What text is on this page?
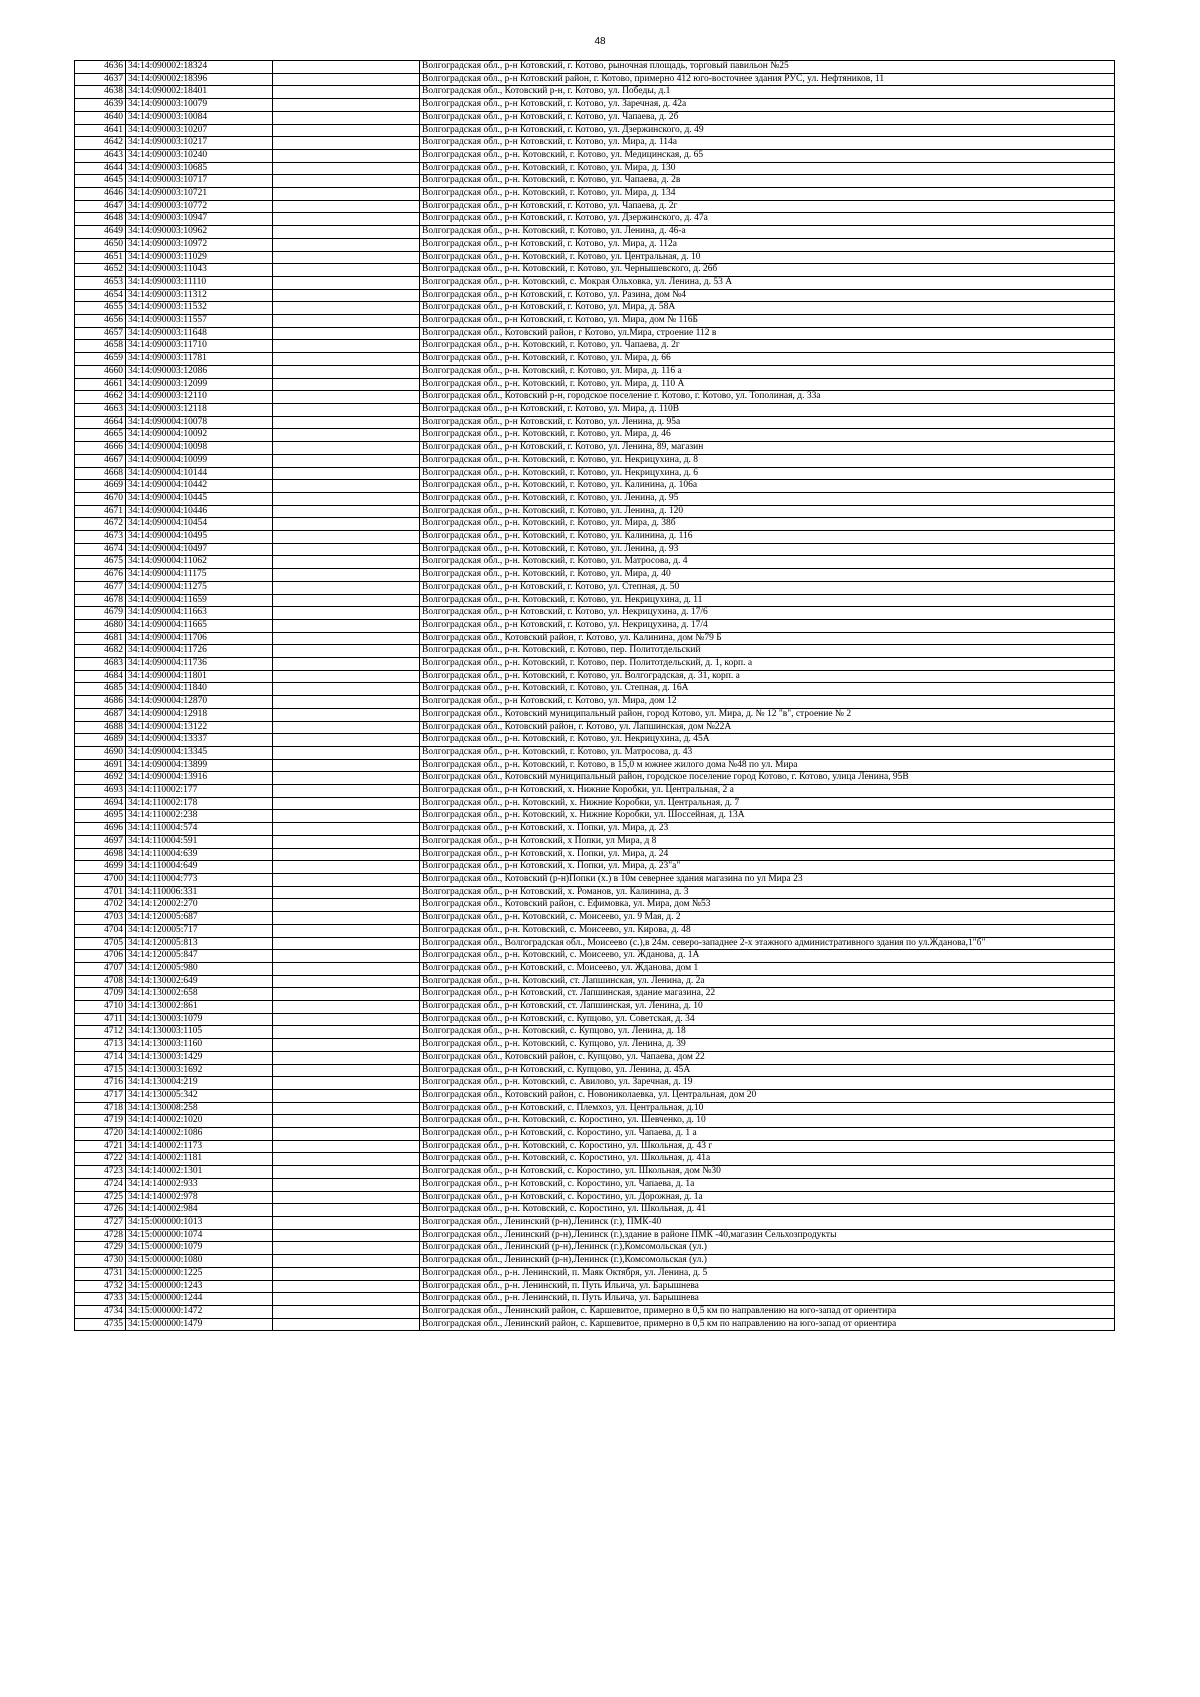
48
4636	34:14:090002:18324		Волгоградская обл., р-н Котовский, г. Котово, рыночная площадь, торговый павильон №25
4637	34:14:090002:18396		Волгоградская обл., р-н Котовский район, г. Котово, примерно 412 юго-восточнее здания РУС, ул. Нефтяников, 11
4638	34:14:090002:18401		Волгоградская обл., Котовский р-н, г. Котово, ул. Победы, д.1
4639	34:14:090003:10079		Волгоградская обл., р-н Котовский, г. Котово, ул. Заречная, д. 42а
4640	34:14:090003:10084		Волгоградская обл., р-н Котовский, г. Котово, ул. Чапаева, д. 2б
4641	34:14:090003:10207		Волгоградская обл., р-н Котовский, г. Котово, ул. Дзержинского, д. 49
4642	34:14:090003:10217		Волгоградская обл., р-н Котовский, г. Котово, ул. Мира, д. 114а
4643	34:14:090003:10240		Волгоградская обл., р-н. Котовский, г. Котово, ул. Медицинская, д. 65
4644	34:14:090003:10685		Волгоградская обл., р-н. Котовский, г. Котово, ул. Мира, д. 130
4645	34:14:090003:10717		Волгоградская обл., р-н. Котовский, г. Котово, ул. Чапаева, д. 2в
4646	34:14:090003:10721		Волгоградская обл., р-н. Котовский, г. Котово, ул. Мира, д. 134
4647	34:14:090003:10772		Волгоградская обл., р-н Котовский, г. Котово, ул. Чапаева, д. 2г
4648	34:14:090003:10947		Волгоградская обл., р-н Котовский, г. Котово, ул. Дзержинского, д. 47а
4649	34:14:090003:10962		Волгоградская обл., р-н. Котовский, г. Котово, ул. Ленина, д. 46-а
4650	34:14:090003:10972		Волгоградская обл., р-н Котовский, г. Котово, ул. Мира, д. 112а
4651	34:14:090003:11029		Волгоградская обл., р-н. Котовский, г. Котово, ул. Центральная, д. 10
4652	34:14:090003:11043		Волгоградская обл., р-н. Котовский, г. Котово, ул. Чернышевского, д. 26б
4653	34:14:090003:11110		Волгоградская обл., р-н. Котовский, с. Мокрая Ольховка, ул. Ленина, д. 53 А
4654	34:14:090003:11312		Волгоградская обл., р-н Котовский, г. Котово, ул. Разина, дом №4
4655	34:14:090003:11532		Волгоградская обл., р-н Котовский, г. Котово, ул. Мира, д. 58А
4656	34:14:090003:11557		Волгоградская обл., р-н Котовский, г. Котово, ул. Мира, дом № 116Б
4657	34:14:090003:11648		Волгоградская обл., Котовский район, г Котово, ул.Мира, строение 112 в
4658	34:14:090003:11710		Волгоградская обл., р-н. Котовский, г. Котово, ул. Чапаева, д. 2г
4659	34:14:090003:11781		Волгоградская обл., р-н. Котовский, г. Котово, ул. Мира, д. 66
4660	34:14:090003:12086		Волгоградская обл., р-н. Котовский, г. Котово, ул. Мира, д. 116 а
4661	34:14:090003:12099		Волгоградская обл., р-н. Котовский, г. Котово, ул. Мира, д. 110 А
4662	34:14:090003:12110		Волгоградская обл., Котовский р-н, городское поселение г. Котово, г. Котово, ул. Тополиная, д. 33а
4663	34:14:090003:12118		Волгоградская обл., р-н Котовский, г. Котово, ул. Мира, д. 110В
4664	34:14:090004:10078		Волгоградская обл., р-н Котовский, г. Котово, ул. Ленина, д. 95а
4665	34:14:090004:10092		Волгоградская обл., р-н. Котовский, г. Котово, ул. Мира, д. 46
4666	34:14:090004:10098		Волгоградская обл., р-н Котовский, г. Котово, ул. Ленина, 89, магазин
4667	34:14:090004:10099		Волгоградская обл., р-н. Котовский, г. Котово, ул. Некрицухина, д. 8
4668	34:14:090004:10144		Волгоградская обл., р-н. Котовский, г. Котово, ул. Некрицухина, д. 6
4669	34:14:090004:10442		Волгоградская обл., р-н. Котовский, г. Котово, ул. Калинина, д. 106а
4670	34:14:090004:10445		Волгоградская обл., р-н. Котовский, г. Котово, ул. Ленина, д. 95
4671	34:14:090004:10446		Волгоградская обл., р-н. Котовский, г. Котово, ул. Ленина, д. 120
4672	34:14:090004:10454		Волгоградская обл., р-н. Котовский, г. Котово, ул. Мира, д. 38б
4673	34:14:090004:10495		Волгоградская обл., р-н. Котовский, г. Котово, ул. Калинина, д. 116
4674	34:14:090004:10497		Волгоградская обл., р-н. Котовский, г. Котово, ул. Ленина, д. 93
4675	34:14:090004:11062		Волгоградская обл., р-н. Котовский, г. Котово, ул. Матросова, д. 4
4676	34:14:090004:11175		Волгоградская обл., р-н. Котовский, г. Котово, ул. Мира, д. 40
4677	34:14:090004:11275		Волгоградская обл., р-н Котовский, г. Котово, ул. Степная, д. 50
4678	34:14:090004:11659		Волгоградская обл., р-н. Котовский, г. Котово, ул. Некрицухина, д. 11
4679	34:14:090004:11663		Волгоградская обл., р-н Котовский, г. Котово, ул. Некрицухина, д. 17/6
4680	34:14:090004:11665		Волгоградская обл., р-н Котовский, г. Котово, ул. Некрицухина, д. 17/4
4681	34:14:090004:11706		Волгоградская обл., Котовский район, г. Котово, ул. Калинина, дом №79 Б
4682	34:14:090004:11726		Волгоградская обл., р-н. Котовский, г. Котово, пер. Политотдельский
4683	34:14:090004:11736		Волгоградская обл., р-н. Котовский, г. Котово, пер. Политотдельский, д. 1, корп. а
4684	34:14:090004:11801		Волгоградская обл., р-н. Котовский, г. Котово, ул. Волгоградская, д. 31, корп. а
4685	34:14:090004:11840		Волгоградская обл., р-н. Котовский, г. Котово, ул. Степная, д. 16А
4686	34:14:090004:12870		Волгоградская обл., р-н Котовский, г. Котово, ул. Мира, дом 12
4687	34:14:090004:12918		Волгоградская обл., Котовский муниципальный район, город Котово, ул. Мира, д. № 12 "в", строение № 2
4688	34:14:090004:13122		Волгоградская обл., Котовский район, г. Котово, ул. Лапшинская, дом №22А
4689	34:14:090004:13337		Волгоградская обл., р-н. Котовский, г. Котово, ул. Некрицухина, д. 45А
4690	34:14:090004:13345		Волгоградская обл., р-н. Котовский, г. Котово, ул. Матросова, д. 43
4691	34:14:090004:13899		Волгоградская обл., р-н. Котовский, г. Котово, в 15,0 м южнее жилого дома №48 по ул. Мира
4692	34:14:090004:13916		Волгоградская обл., Котовский муниципальный район, городское поселение город Котово, г. Котово, улица Ленина, 95В
4693	34:14:110002:177		Волгоградская обл., р-н Котовский, х. Нижние Коробки, ул. Центральная, 2 а
4694	34:14:110002:178		Волгоградская обл., р-н. Котовский, х. Нижние Коробки, ул. Центральная, д. 7
4695	34:14:110002:238		Волгоградская обл., р-н. Котовский, х. Нижние Коробки, ул. Шоссейная, д. 13А
4696	34:14:110004:574		Волгоградская обл., р-н Котовский, х. Попки, ул. Мира, д. 23
4697	34:14:110004:591		Волгоградская обл., р-н Котовский, х Попки, ул Мира, д 8
4698	34:14:110004:639		Волгоградская обл., р-н Котовский, х. Попки, ул. Мира, д. 24
4699	34:14:110004:649		Волгоградская обл., р-н Котовский, х. Попки, ул. Мира, д. 23"а"
4700	34:14:110004:773		Волгоградская обл., Котовский (р-н)Попки (х.) в 10м севернее здания магазина по ул Мира 23
4701	34:14:110006:331		Волгоградская обл., р-н Котовский, х. Романов, ул. Калинина, д. 3
4702	34:14:120002:270		Волгоградская обл., Котовский район, с. Ефимовка, ул. Мира, дом №53
4703	34:14:120005:687		Волгоградская обл., р-н. Котовский, с. Моисеево, ул. 9 Мая, д. 2
4704	34:14:120005:717		Волгоградская обл., р-н. Котовский, с. Моисеево, ул. Кирова, д. 48
4705	34:14:120005:813		Волгоградская обл., Волгоградская обл., Моисеево (с.),в 24м. северо-западнее 2-х этажного административного здания по ул.Жданова,1"б"
4706	34:14:120005:847		Волгоградская обл., р-н. Котовский, с. Моисеево, ул. Жданова, д. 1А
4707	34:14:120005:980		Волгоградская обл., р-н Котовский, с. Моисеево, ул. Жданова, дом 1
4708	34:14:130002:649		Волгоградская обл., р-н. Котовский, ст. Лапшинская, ул. Ленина, д. 2а
4709	34:14:130002:658		Волгоградская обл., р-н Котовский, ст. Лапшинская, здание магазина, 22
4710	34:14:130002:861		Волгоградская обл., р-н Котовский, ст. Лапшинская, ул. Ленина, д. 10
4711	34:14:130003:1079		Волгоградская обл., р-н Котовский, с. Купцово, ул. Советская, д. 34
4712	34:14:130003:1105		Волгоградская обл., р-н. Котовский, с. Купцово, ул. Ленина, д. 18
4713	34:14:130003:1160		Волгоградская обл., р-н. Котовский, с. Купцово, ул. Ленина, д. 39
4714	34:14:130003:1429		Волгоградская обл., Котовский район, с. Купцово, ул. Чапаева, дом 22
4715	34:14:130003:1692		Волгоградская обл., р-н Котовский, с. Купцово, ул. Ленина, д. 45А
4716	34:14:130004:219		Волгоградская обл., р-н. Котовский, с. Авилово, ул. Заречная, д. 19
4717	34:14:130005:342		Волгоградская обл., Котовский район, с. Новониколаевка, ул. Центральная, дом 20
4718	34:14:130008:258		Волгоградская обл., р-н Котовский, с. Племхоз, ул. Центральная, д.10
4719	34:14:140002:1020		Волгоградская обл., р-н. Котовский, с. Коростино, ул. Шевченко, д. 10
4720	34:14:140002:1086		Волгоградская обл., р-н Котовский, с. Коростино, ул. Чапаева, д. 1 а
4721	34:14:140002:1173		Волгоградская обл., р-н. Котовский, с. Коростино, ул. Школьная, д. 43 г
4722	34:14:140002:1181		Волгоградская обл., р-н. Котовский, с. Коростино, ул. Школьная, д. 41а
4723	34:14:140002:1301		Волгоградская обл., р-н Котовский, с. Коростино, ул. Школьная, дом №30
4724	34:14:140002:933		Волгоградская обл., р-н Котовский, с. Коростино, ул. Чапаева, д. 1а
4725	34:14:140002:978		Волгоградская обл., р-н Котовский, с. Коростино, ул. Дорожная, д. 1а
4726	34:14:140002:984		Волгоградская обл., р-н. Котовский, с. Коростино, ул. Школьная, д. 41
4727	34:15:000000:1013		Волгоградская обл., Ленинский (р-н),Ленинск (г.), ПМК-40
4728	34:15:000000:1074		Волгоградская обл., Ленинский (р-н),Ленинск (г.),здание в районе ПМК -40,магазин Сельхозпродукты
4729	34:15:000000:1079		Волгоградская обл., Ленинский (р-н),Ленинск (г.),Комсомольская (ул.)
4730	34:15:000000:1080		Волгоградская обл., Ленинский (р-н),Ленинск (г.),Комсомольская (ул.)
4731	34:15:000000:1225		Волгоградская обл., р-н. Ленинский, п. Маяк Октября, ул. Ленина, д. 5
4732	34:15:000000:1243		Волгоградская обл., р-н. Ленинский, п. Путь Ильича, ул. Барышнева
4733	34:15:000000:1244		Волгоградская обл., р-н. Ленинский, п. Путь Ильича, ул. Барышнева
4734	34:15:000000:1472		Волгоградская обл., Ленинский район, с. Каршевитое, примерно в 0,5 км по направлению на юго-запад от ориентира
4735	34:15:000000:1479		Волгоградская обл., Ленинский район, с. Каршевитое, примерно в 0,5 км по направлению на юго-запад от ориентира
